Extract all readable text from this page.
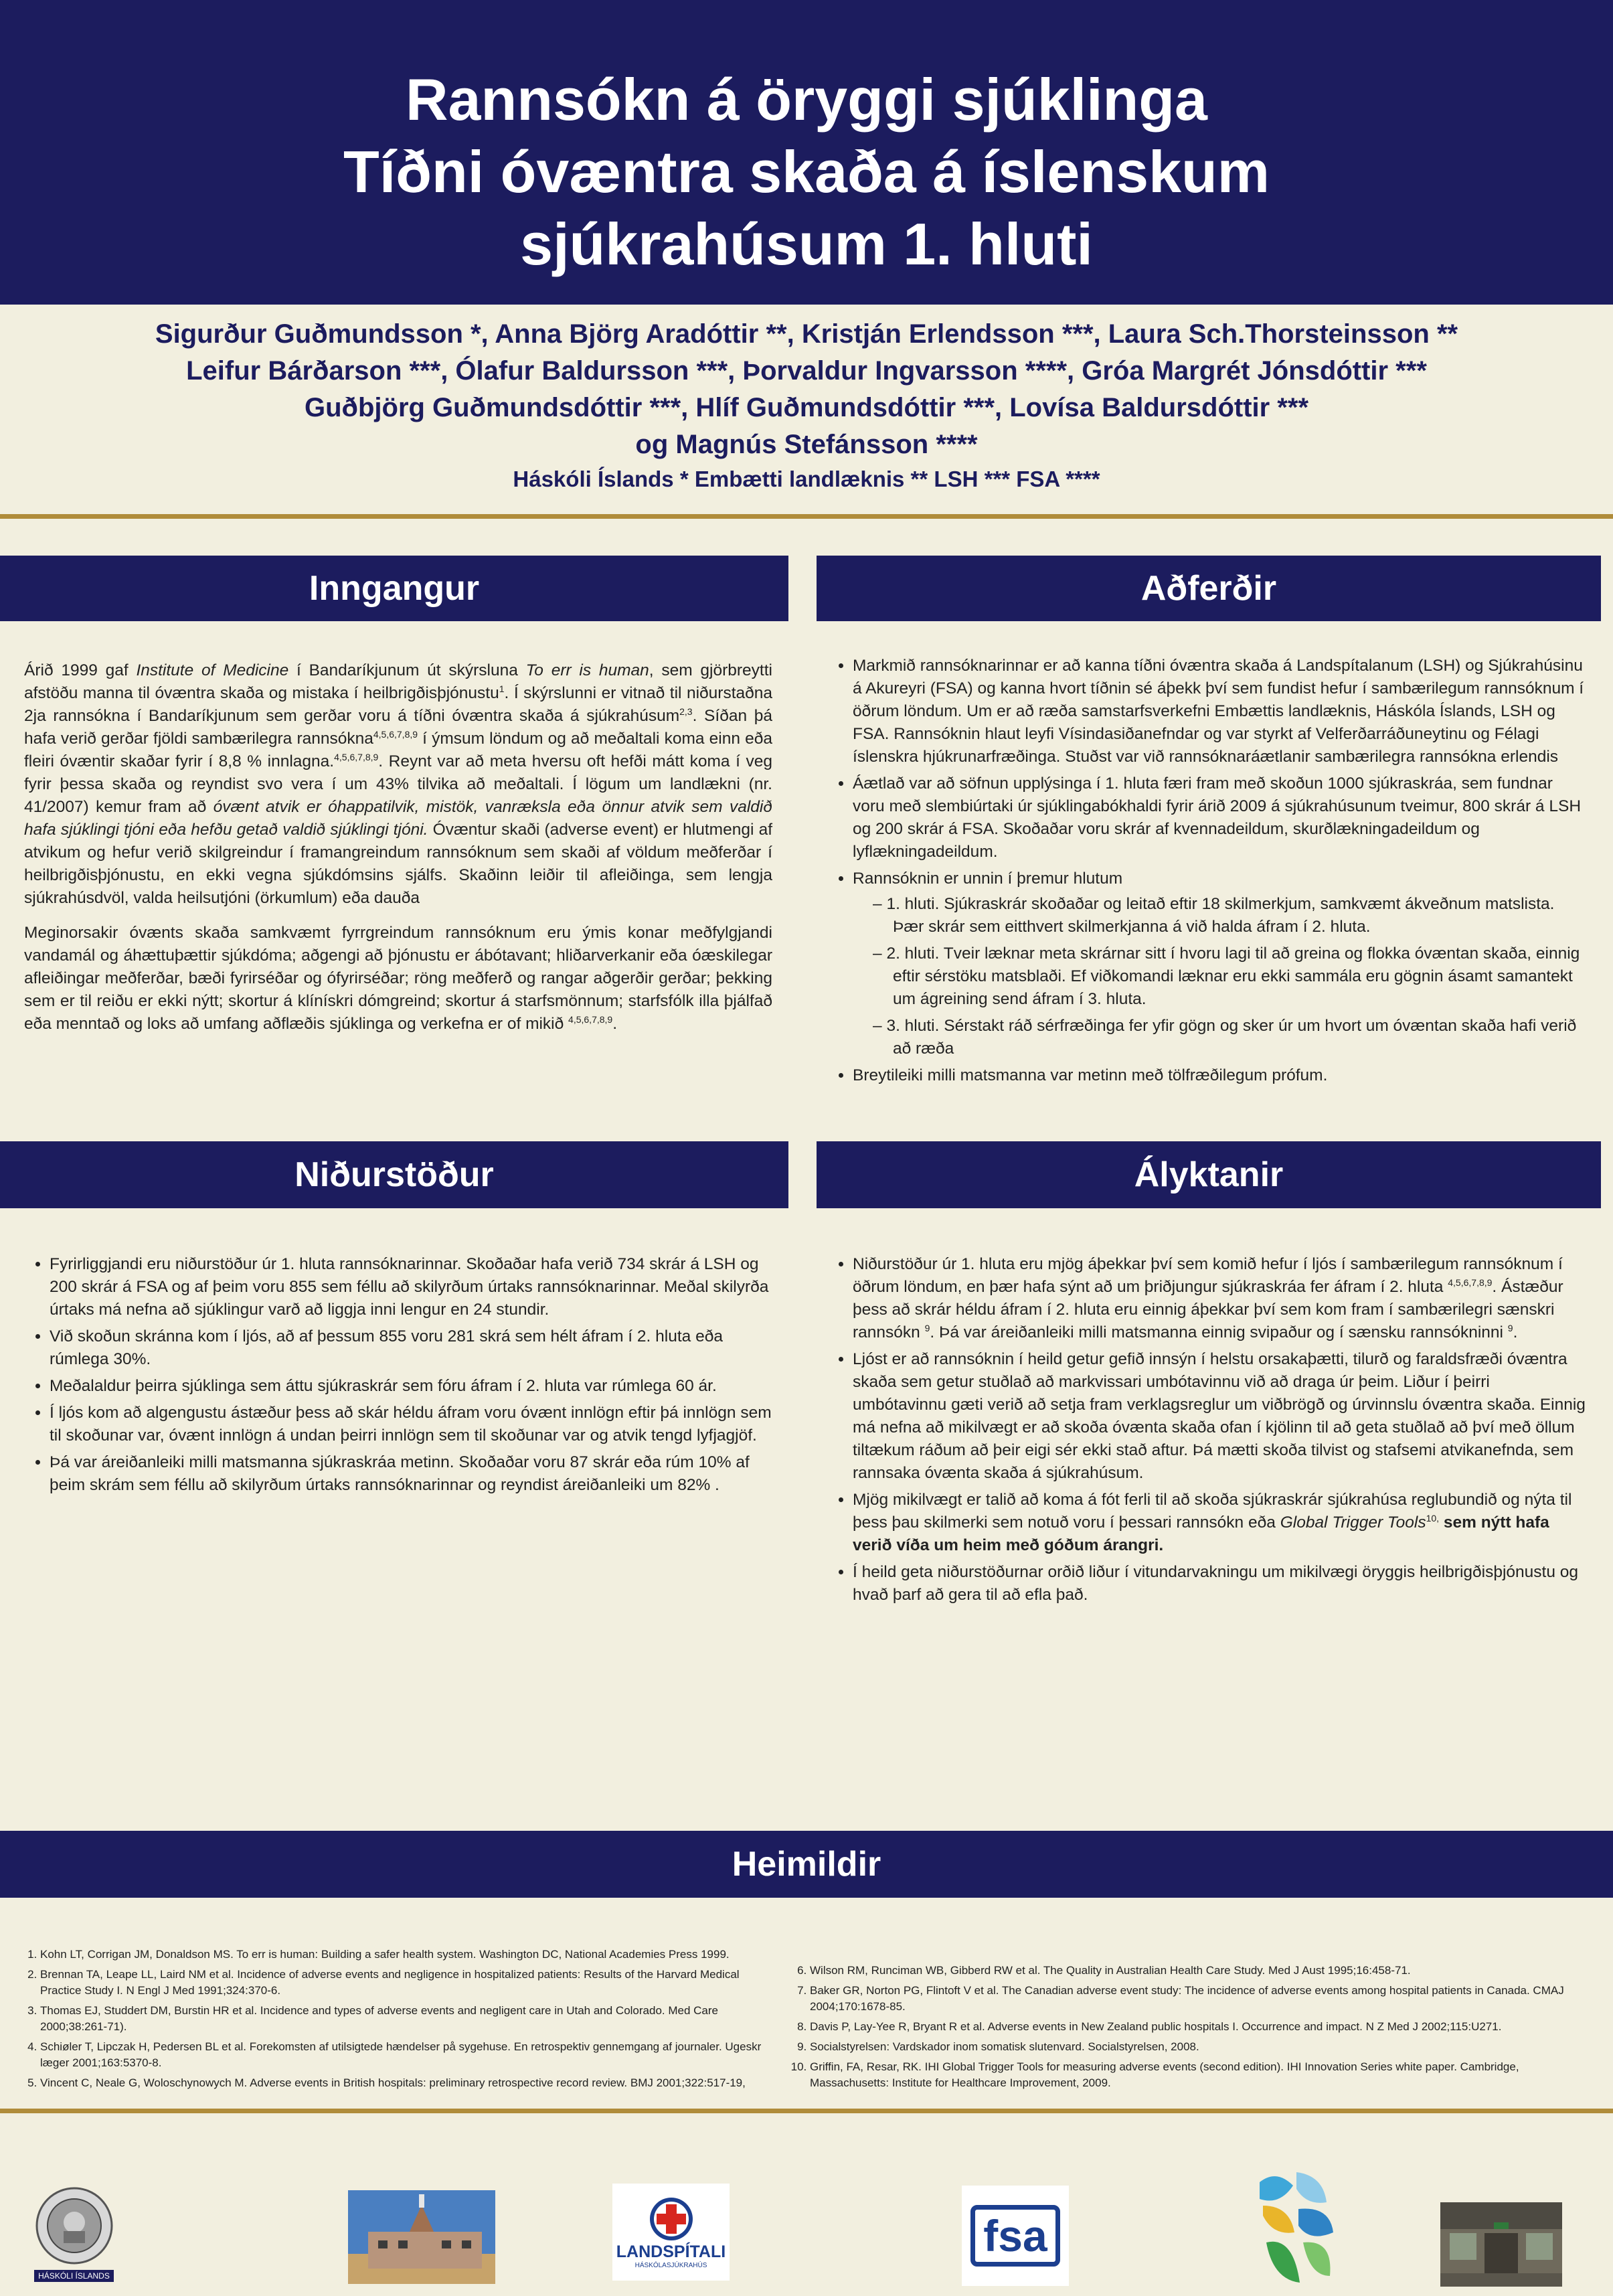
Rannsókn á öryggi sjúklinga
Tíðni óvæntra skaða á íslenskum
sjúkrahúsum 1. hluti
Sigurður Guðmundsson *, Anna Björg Aradóttir **, Kristján Erlendsson ***, Laura Sch.Thorsteinsson **
Leifur Bárðarson ***, Ólafur Baldursson ***, Þorvaldur Ingvarsson ****, Gróa Margrét Jónsdóttir ***
Guðbjörg Guðmundsdóttir ***, Hlíf Guðmundsdóttir ***, Lovísa Baldursdóttir ***
og Magnús Stefánsson ****
Háskóli Íslands * Embætti landlæknis ** LSH *** FSA ****
Inngangur

Árið 1999 gaf Institute of Medicine í Bandaríkjunum út skýrsluna To err is human, sem gjörbreytti afstöðu manna til óvæntra skaða og mistaka í heilbrigðisþjónustu$^1$. Í skýrslunni er vitnað til niðurstaðna 2ja rannsókna í Bandaríkjunum sem gerðar voru á tíðni óvæntra skaða á sjúkrahúsum$^{2,3}$. Síðan þá hafa verið gerðar fjöldi sambærilegra rannsókna$^{4,5,6,7,8,9}$ í ýmsum löndum og að meðaltali koma einn eða fleiri óvæntir skaðar fyrir í 8,8 % innlagna.$^{4,5,6,7,8,9}$. Reynt var að meta hversu oft hefði mátt koma í veg fyrir þessa skaða og reyndist svo vera í um 43% tilvika að meðaltali. Í lögum um landlækni (nr. 41/2007) kemur fram að óvænt atvik er óhappatilvik, mistök, vanræksla eða önnur atvik sem valdið hafa sjúklingi tjóni eða hefðu getað valdið sjúklingi tjóni. Óvæntur skaði (adverse event) er hlutmengi af atvikum og hefur verið skilgreindur í framangreindum rannsóknum sem skaði af völdum meðferðar í heilbrigðisþjónustu, en ekki vegna sjúkdómsins sjálfs. Skaðinn leiðir til afleiðinga, sem lengja sjúkrahúsdvöl, valda heilsutjóni (örkumlum) eða dauða

Meginorsakir óvænts skaða samkvæmt fyrrgreindum rannsóknum eru ýmis konar meðfylgjandi vandamál og áhættuþættir sjúkdóma; aðgengi að þjónustu er ábótavant; hliðarverkanir eða óæskilegar afleiðingar meðferðar, bæði fyrirséðar og ófyrirséðar; röng meðferð og rangar aðgerðir gerðar; þekking sem er til reiðu er ekki nýtt; skortur á klínískri dómgreind; skortur á starfsmönnum; starfsfólk illa þjálfað eða menntað og loks að umfang aðflæðis sjúklinga og verkefna er of mikið $^{4,5,6,7,8,9}$.

Aðferðir
• Markmið rannsóknarinnar er að kanna tíðni óvæntra skaða á Landspítalanum (LSH) og Sjúkrahúsinu á Akureyri (FSA) og kanna hvort tíðnin sé áþekk því sem fundist hefur í sambærilegum rannsóknum í öðrum löndum. Um er að ræða samstarfsverkefni Embættis landlæknis, Háskóla Íslands, LSH og FSA. Rannsóknin hlaut leyfi Vísindasiðanefndar og var styrkt af Velferðarráðuneytinu og Félagi íslenskra hjúkrunarfræðinga. Stuðst var við rannsóknaráætlanir sambærilegra rannsókna erlendis
• Áætlað var að söfnun upplýsinga í 1. hluta færi fram með skoðun 1000 sjúkraskráa, sem fundnar voru með slembiúrtaki úr sjúklingabókhaldi fyrir árið 2009 á sjúkrahúsunum tveimur, 800 skrár á LSH og 200 skrár á FSA. Skoðaðar voru skrár af kvennadeildum, skurðlækningadeildum og lyflækningadeildum.
• Rannsóknin er unnin í þremur hlutum
– 1. hluti. Sjúkraskrár skoðaðar og leitað eftir 18 skilmerkjum, samkvæmt ákveðnum matslista. Þær skrár sem eitthvert skilmerkjanna á við halda áfram í 2. hluta.
– 2. hluti. Tveir læknar meta skrárnar sitt í hvoru lagi til að greina og flokka óvæntan skaða, einnig eftir sérstöku matsblaði. Ef viðkomandi læknar eru ekki sammála eru gögnin ásamt samantekt um ágreining send áfram í 3. hluta.
– 3. hluti. Sérstakt ráð sérfræðinga fer yfir gögn og sker úr um hvort um óvæntan skaða hafi verið að ræða
• Breytileiki milli matsmanna var metinn með tölfræðilegum prófum.
Niðurstöður
• Fyrirliggjandi eru niðurstöður úr 1. hluta rannsóknarinnar. Skoðaðar hafa verið 734 skrár á LSH og 200 skrár á FSA og af þeim voru 855 sem féllu að skilyrðum úrtaks rannsóknarinnar. Meðal skilyrða úrtaks má nefna að sjúklingur varð að liggja inni lengur en 24 stundir.
• Við skoðun skránna kom í ljós, að af þessum 855 voru 281 skrá sem hélt áfram í 2. hluta eða rúmlega 30%.
• Meðalaldur þeirra sjúklinga sem áttu sjúkraskrár sem fóru áfram í 2. hluta var rúmlega 60 ár.
• Í ljós kom að algengustu ástæður þess að skár héldu áfram voru óvænt innlögn eftir þá innlögn sem til skoðunar var, óvænt innlögn á undan þeirri innlögn sem til skoðunar var og atvik tengd lyfjagjöf.
• Þá var áreiðanleiki milli matsmanna sjúkraskráa metinn. Skoðaðar voru 87 skrár eða rúm 10% af þeim skrám sem féllu að skilyrðum úrtaks rannsóknarinnar og reyndist áreiðanleiki um 82% .
Ályktanir
• Niðurstöður úr 1. hluta eru mjög áþekkar því sem komið hefur í ljós í sambærilegum rannsóknum í öðrum löndum, en þær hafa sýnt að um þriðjungur sjúkraskráa fer áfram í 2. hluta $^{4,5,6,7,8,9}$. Ástæður þess að skrár héldu áfram í 2. hluta eru einnig áþekkar því sem kom fram í sambærilegri sænskri rannsókn $^9$. Þá var áreiðanleiki milli matsmanna einnig svipaður og í sænsku rannsókninni $^9$.
• Ljóst er að rannsóknin í heild getur gefið innsýn í helstu orsakaþætti, tilurð og faraldsfræði óvæntra skaða sem getur stuðlað að markvissari umbótavinnu við að draga úr þeim. Liður í þeirri umbótavinnu gæti verið að setja fram verklagsreglur um viðbrögð og úrvinnslu óvæntra skaða. Einnig má nefna að mikilvægt er að skoða óvænta skaða ofan í kjölinn til að geta stuðlað að því með öllum tiltækum ráðum að þeir eigi sér ekki stað aftur. Þá mætti skoða tilvist og stafsemi atvikanefnda, sem rannsaka óvænta skaða á sjúkrahúsum.
• Mjög mikilvægt er talið að koma á fót ferli til að skoða sjúkraskrár sjúkrahúsa reglubundið og nýta til þess þau skilmerki sem notuð voru í þessari rannsókn eða Global Trigger Tools$^{10,}$ sem nýtt hafa verið víða um heim með góðum árangri.
• Í heild geta niðurstöðurnar orðið liður í vitundarvakningu um mikilvægi öryggis heilbrigðisþjónustu og hvað þarf að gera til að efla það.
Heimildir
1. Kohn LT, Corrigan JM, Donaldson MS. To err is human: Building a safer health system. Washington DC, National Academies Press 1999.
2. Brennan TA, Leape LL, Laird NM et al. Incidence of adverse events and negligence in hospitalized patients: Results of the Harvard Medical Practice Study I. N Engl J Med 1991;324:370-6.
3. Thomas EJ, Studdert DM, Burstin HR et al. Incidence and types of adverse events and negligent care in Utah and Colorado. Med Care 2000;38:261-71).
4. Schiøler T, Lipczak H, Pedersen BL et al. Forekomsten af utilsigtede hændelser på sygehuse. En retrospektiv gennemgang af journaler. Ugeskr læger 2001;163:5370-8.
5. Vincent C, Neale G, Woloschynowych M. Adverse events in British hospitals: preliminary retrospective record review. BMJ 2001;322:517-19,
6. Wilson RM, Runciman WB, Gibberd RW et al. The Quality in Australian Health Care Study. Med J Aust 1995;16:458-71.
7. Baker GR, Norton PG, Flintoft V et al. The Canadian adverse event study: The incidence of adverse events among hospital patients in Canada. CMAJ 2004;170:1678-85.
8. Davis P, Lay-Yee R, Bryant R et al. Adverse events in New Zealand public hospitals I. Occurrence and impact. N Z Med J 2002;115:U271.
9. Socialstyrelsen: Vardskador inom somatisk slutenvard. Socialstyrelsen, 2008.
10. Griffin, FA, Resar, RK. IHI Global Trigger Tools for measuring adverse events (second edition). IHI Innovation Series white paper. Cambridge, Massachusetts: Institute for Healthcare Improvement, 2009.
HÁSKÓLI ÍSLANDS
LANDSPÍTALI
HÁSKÓLASJÚKRAHÚS
fsa
